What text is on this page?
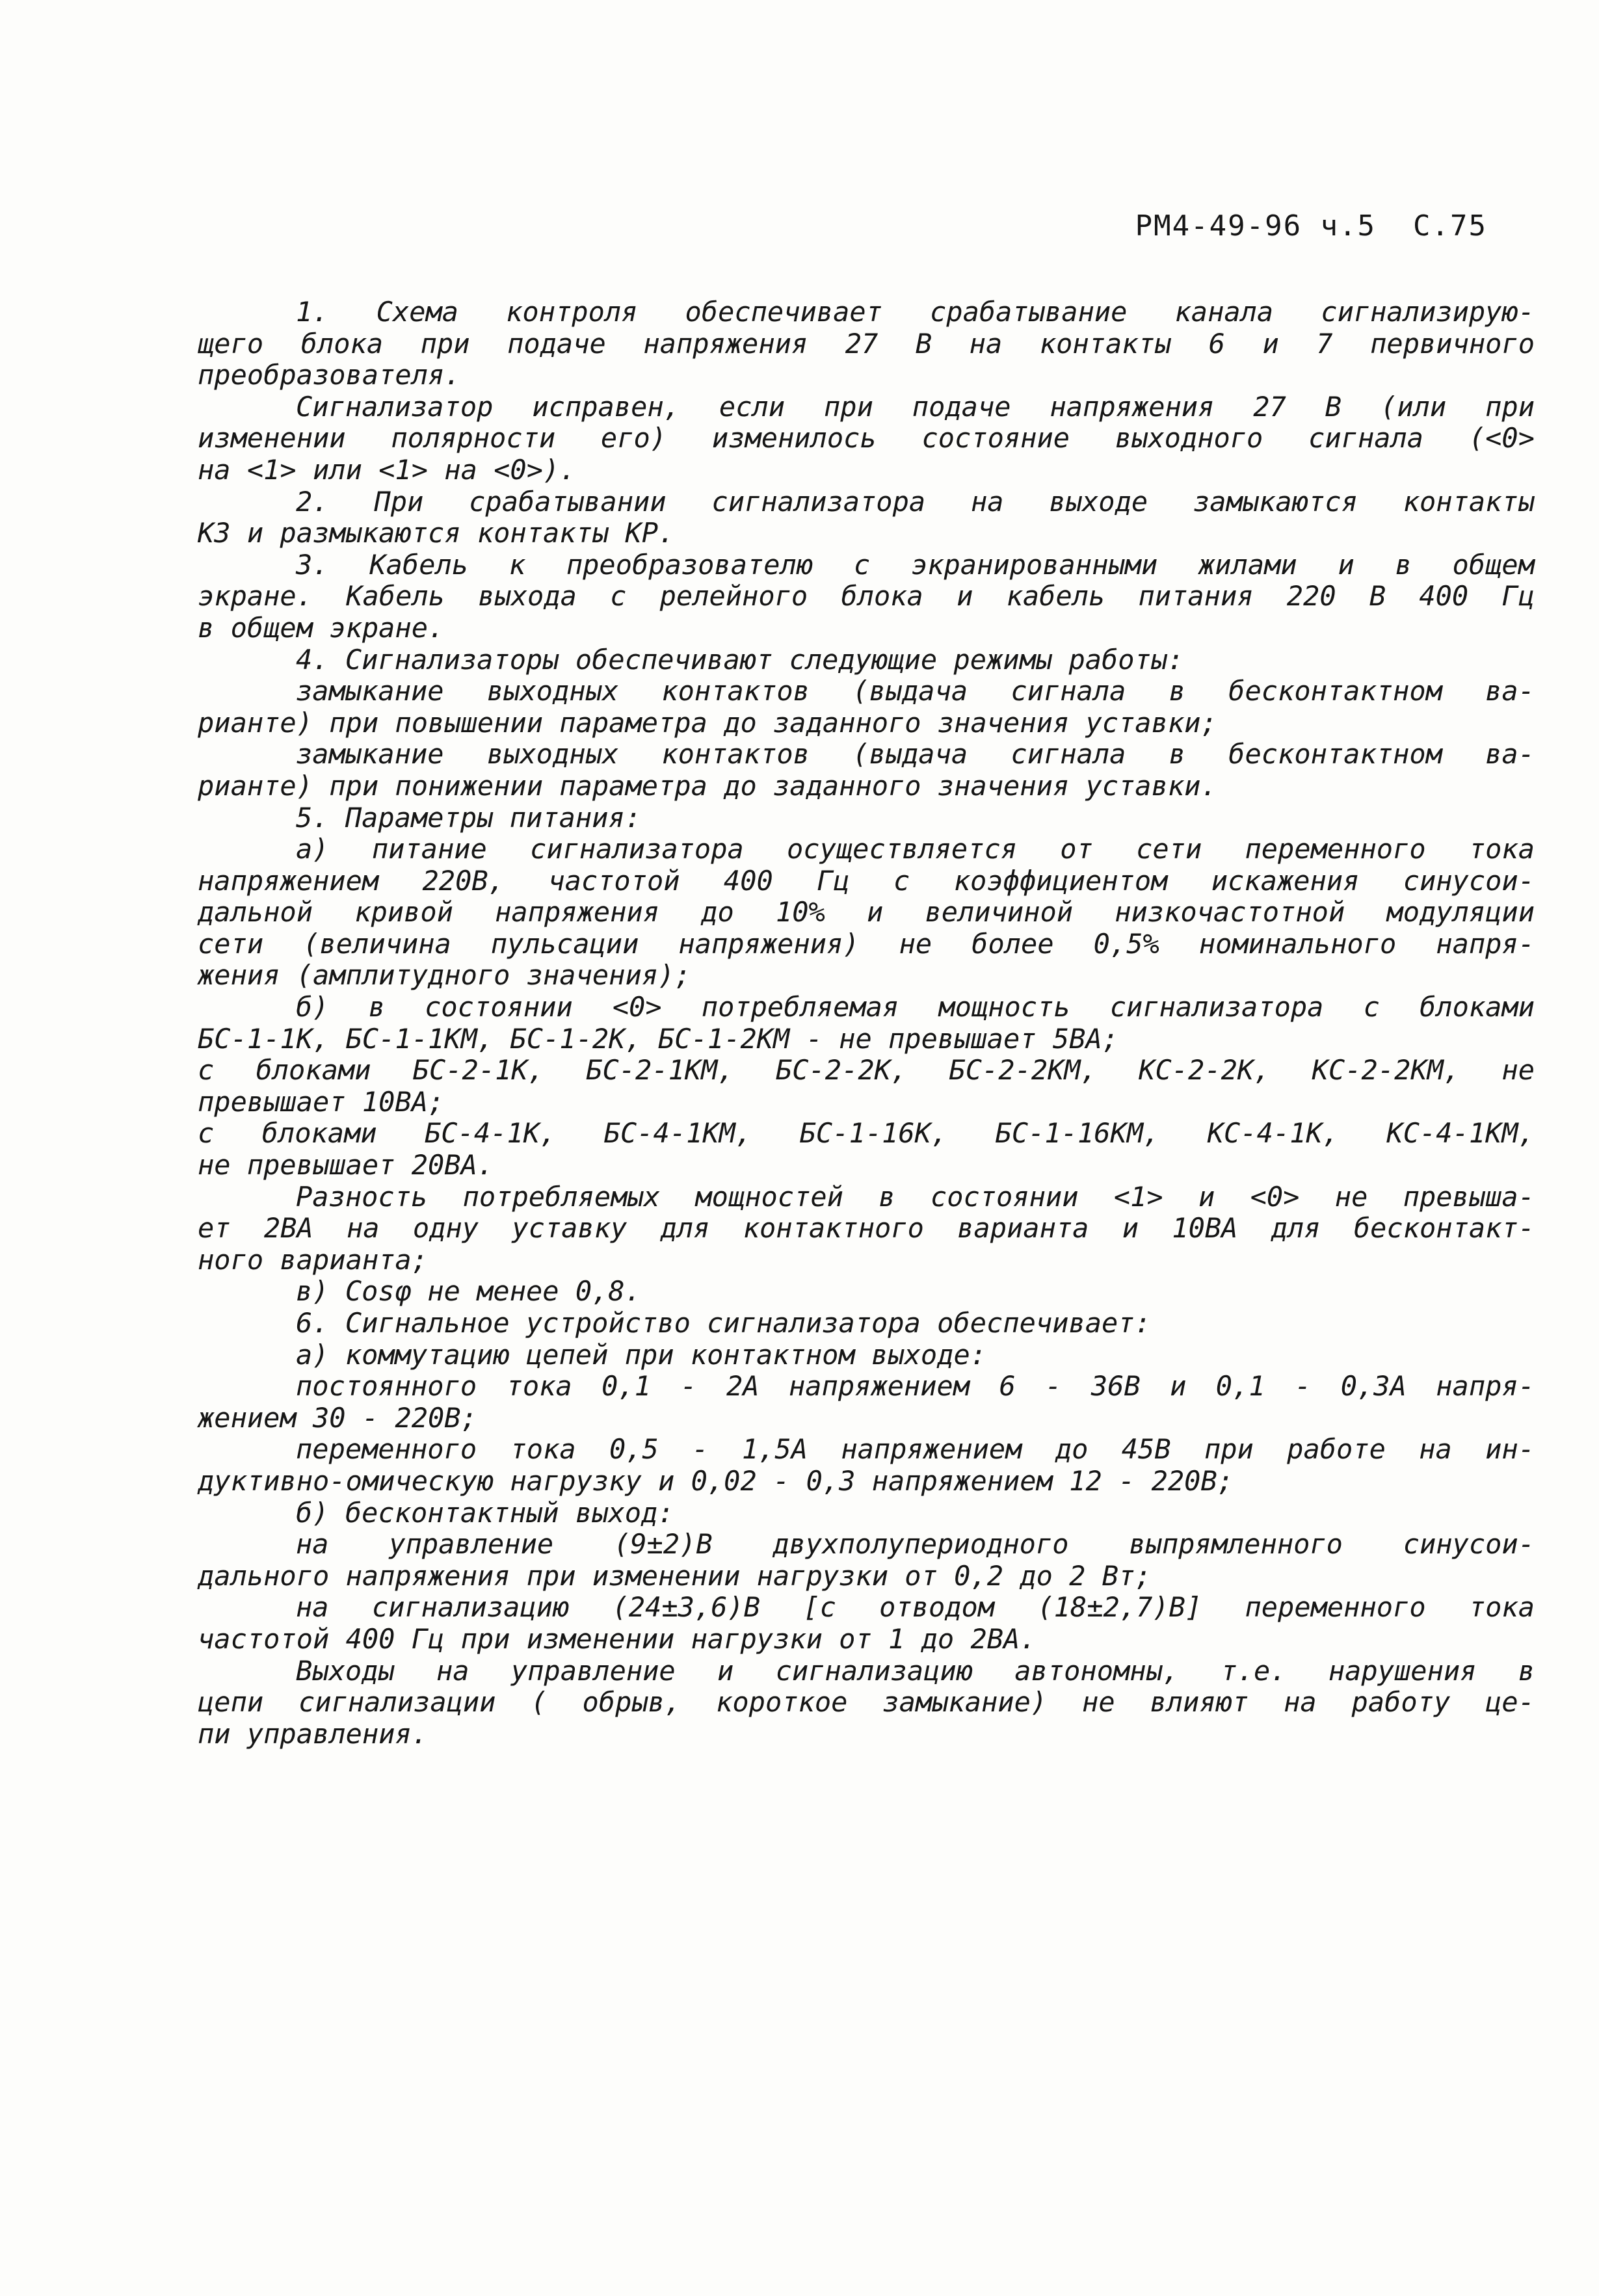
РМ4-49-96 ч.5  С.75
1. Схема контроля обеспечивает срабатывание канала сигнализирую-
щего блока при подаче напряжения 27 В на контакты 6 и 7 первичного
преобразователя.
Сигнализатор исправен, если при подаче напряжения 27 В (или при
изменении полярности его) изменилось состояние выходного сигнала (<0>
на <1> или <1> на <0>).
2. При срабатывании сигнализатора на выходе замыкаются контакты
КЗ и размыкаются контакты КР.
3. Кабель к преобразователю с экранированными жилами и в общем
экране. Кабель выхода с релейного блока и кабель питания 220 В 400 Гц
в общем экране.
4. Сигнализаторы обеспечивают следующие режимы работы:
замыкание выходных контактов (выдача сигнала в бесконтактном ва-
рианте) при повышении параметра до заданного значения уставки;
замыкание выходных контактов (выдача сигнала в бесконтактном ва-
рианте) при понижении параметра до заданного значения уставки.
5. Параметры питания:
а) питание сигнализатора осуществляется от сети переменного тока
напряжением 220В, частотой 400 Гц с коэффициентом искажения синусои-
дальной кривой напряжения до 10% и величиной низкочастотной модуляции
сети (величина пульсации напряжения) не более 0,5% номинального напря-
жения (амплитудного значения);
б) в состоянии <0> потребляемая мощность сигнализатора с блоками
БС-1-1К, БС-1-1КМ, БС-1-2К, БС-1-2КМ - не превышает 5ВА;
с блоками БС-2-1К, БС-2-1КМ, БС-2-2К, БС-2-2КМ, КС-2-2К, КС-2-2КМ, не
превышает 10ВА;
с блоками БС-4-1К, БС-4-1КМ, БС-1-16К, БС-1-16КМ, КС-4-1К, КС-4-1КМ,
не превышает 20ВА.
Разность потребляемых мощностей в состоянии <1> и <0> не превыша-
ет 2ВА на одну уставку для контактного варианта и 10ВА для бесконтакт-
ного варианта;
в) Cosφ не менее 0,8.
6. Сигнальное устройство сигнализатора обеспечивает:
а) коммутацию цепей при контактном выходе:
постоянного тока 0,1 - 2А напряжением 6 - 36В и 0,1 - 0,3А напря-
жением 30 - 220В;
переменного тока 0,5 - 1,5А напряжением до 45В при работе на ин-
дуктивно-омическую нагрузку и 0,02 - 0,3 напряжением 12 - 220В;
б) бесконтактный выход:
на управление (9±2)В двухполупериодного выпрямленного синусои-
дального напряжения при изменении нагрузки от 0,2 до 2 Вт;
на сигнализацию (24±3,6)В [с отводом (18±2,7)В] переменного тока
частотой 400 Гц при изменении нагрузки от 1 до 2ВА.
Выходы на управление и сигнализацию автономны, т.е. нарушения в
цепи сигнализации ( обрыв, короткое замыкание) не влияют на работу це-
пи управления.
